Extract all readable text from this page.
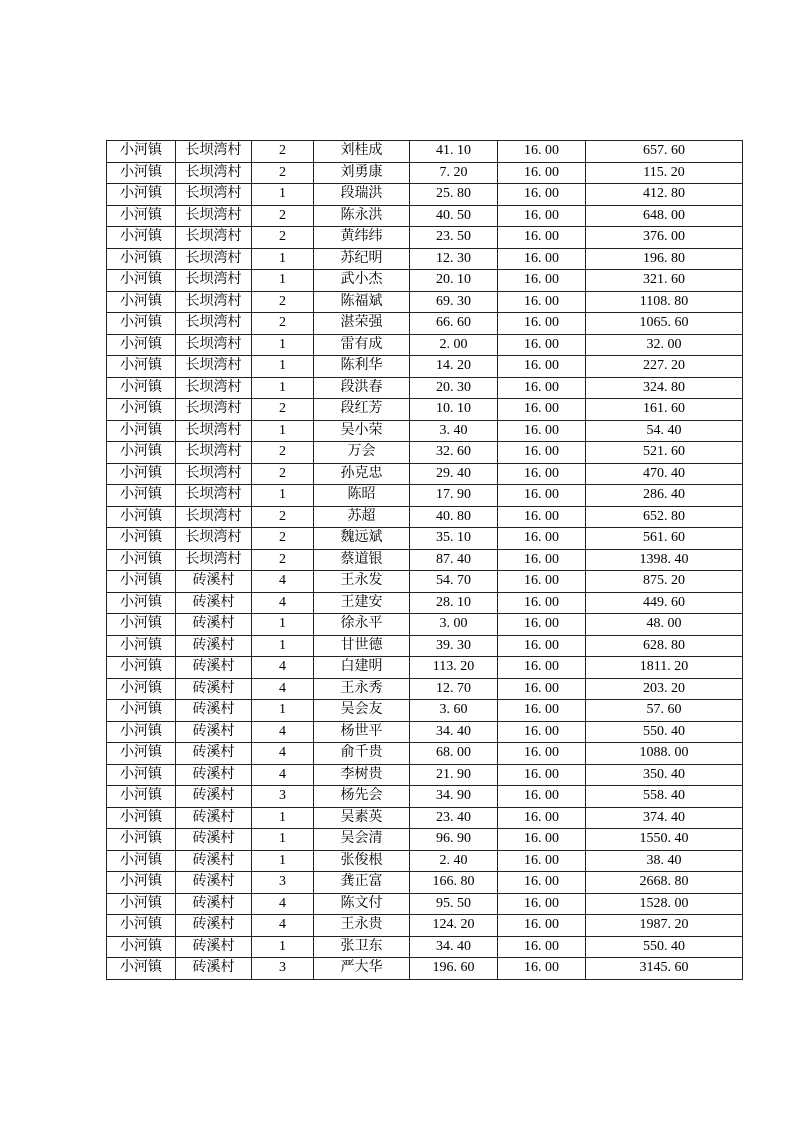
小河镇	长坝湾村	2	刘桂成	41. 10	16. 00	657. 60
小河镇	长坝湾村	2	刘勇康	7. 20	16. 00	115. 20
小河镇	长坝湾村	1	段瑞洪	25. 80	16. 00	412. 80
小河镇	长坝湾村	2	陈永洪	40. 50	16. 00	648. 00
小河镇	长坝湾村	2	黄纬纬	23. 50	16. 00	376. 00
小河镇	长坝湾村	1	苏纪明	12. 30	16. 00	196. 80
小河镇	长坝湾村	1	武小杰	20. 10	16. 00	321. 60
小河镇	长坝湾村	2	陈福斌	69. 30	16. 00	1108. 80
小河镇	长坝湾村	2	湛荣强	66. 60	16. 00	1065. 60
小河镇	长坝湾村	1	雷有成	2. 00	16. 00	32. 00
小河镇	长坝湾村	1	陈利华	14. 20	16. 00	227. 20
小河镇	长坝湾村	1	段洪春	20. 30	16. 00	324. 80
小河镇	长坝湾村	2	段红芳	10. 10	16. 00	161. 60
小河镇	长坝湾村	1	吴小荣	3. 40	16. 00	54. 40
小河镇	长坝湾村	2	万会	32. 60	16. 00	521. 60
小河镇	长坝湾村	2	孙克忠	29. 40	16. 00	470. 40
小河镇	长坝湾村	1	陈昭	17. 90	16. 00	286. 40
小河镇	长坝湾村	2	苏超	40. 80	16. 00	652. 80
小河镇	长坝湾村	2	魏远斌	35. 10	16. 00	561. 60
小河镇	长坝湾村	2	蔡道银	87. 40	16. 00	1398. 40
小河镇	砖溪村	4	王永发	54. 70	16. 00	875. 20
小河镇	砖溪村	4	王建安	28. 10	16. 00	449. 60
小河镇	砖溪村	1	徐永平	3. 00	16. 00	48. 00
小河镇	砖溪村	1	甘世德	39. 30	16. 00	628. 80
小河镇	砖溪村	4	白建明	113. 20	16. 00	1811. 20
小河镇	砖溪村	4	王永秀	12. 70	16. 00	203. 20
小河镇	砖溪村	1	吴会友	3. 60	16. 00	57. 60
小河镇	砖溪村	4	杨世平	34. 40	16. 00	550. 40
小河镇	砖溪村	4	俞千贵	68. 00	16. 00	1088. 00
小河镇	砖溪村	4	李树贵	21. 90	16. 00	350. 40
小河镇	砖溪村	3	杨先会	34. 90	16. 00	558. 40
小河镇	砖溪村	1	吴素英	23. 40	16. 00	374. 40
小河镇	砖溪村	1	吴会清	96. 90	16. 00	1550. 40
小河镇	砖溪村	1	张俊根	2. 40	16. 00	38. 40
小河镇	砖溪村	3	龚正富	166. 80	16. 00	2668. 80
小河镇	砖溪村	4	陈文付	95. 50	16. 00	1528. 00
小河镇	砖溪村	4	王永贵	124. 20	16. 00	1987. 20
小河镇	砖溪村	1	张卫东	34. 40	16. 00	550. 40
小河镇	砖溪村	3	严大华	196. 60	16. 00	3145. 60
